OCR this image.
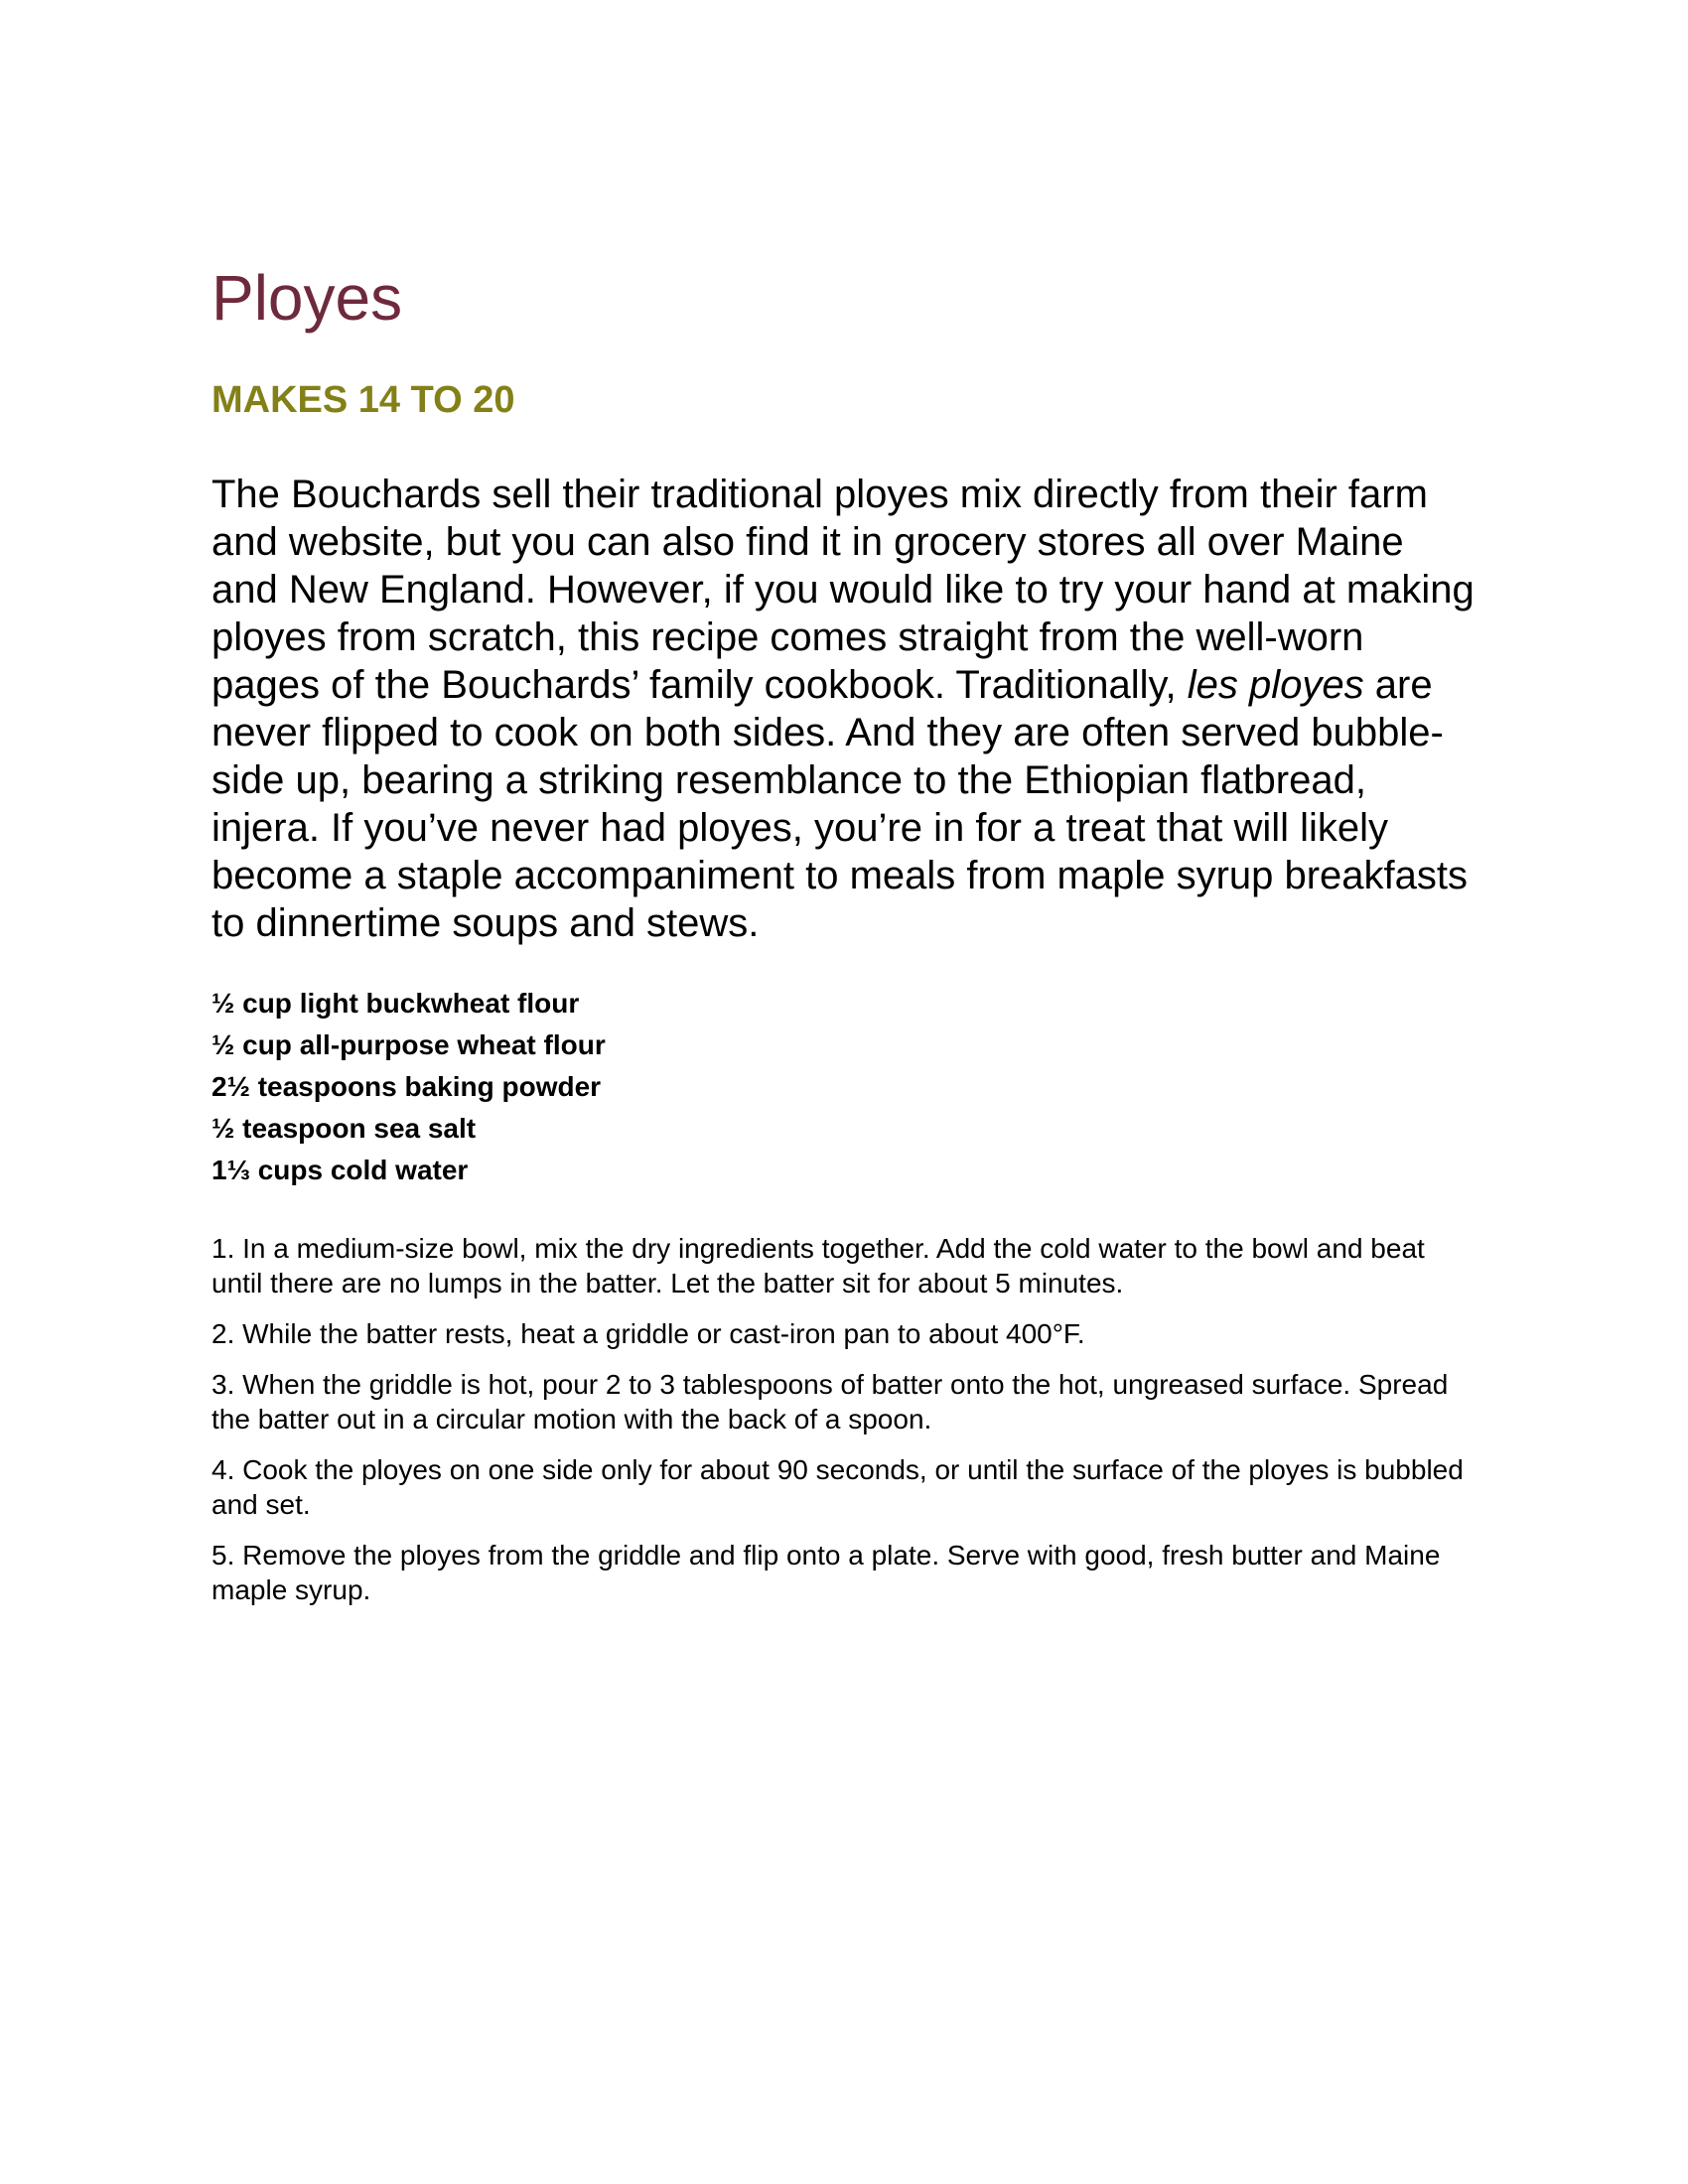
Ployes
MAKES 14 TO 20

The Bouchards sell their traditional ployes mix directly from their farm and website, but you can also find it in grocery stores all over Maine and New England. However, if you would like to try your hand at making ployes from scratch, this recipe comes straight from the well-worn pages of the Bouchards’ family cookbook. Traditionally, les ployes are never flipped to cook on both sides. And they are often served bubble-side up, bearing a striking resemblance to the Ethiopian flatbread, injera. If you’ve never had ployes, you’re in for a treat that will likely become a staple accompaniment to meals from maple syrup breakfasts to dinnertime soups and stews.

½ cup light buckwheat flour
½ cup all-purpose wheat flour
2½ teaspoons baking powder
½ teaspoon sea salt
1⅓ cups cold water

1. In a medium-size bowl, mix the dry ingredients together. Add the cold water to the bowl and beat until there are no lumps in the batter. Let the batter sit for about 5 minutes.

2. While the batter rests, heat a griddle or cast-iron pan to about 400°F.

3. When the griddle is hot, pour 2 to 3 tablespoons of batter onto the hot, ungreased surface. Spread the batter out in a circular motion with the back of a spoon.

4. Cook the ployes on one side only for about 90 seconds, or until the surface of the ployes is bubbled and set.

5. Remove the ployes from the griddle and flip onto a plate. Serve with good, fresh butter and Maine maple syrup.
